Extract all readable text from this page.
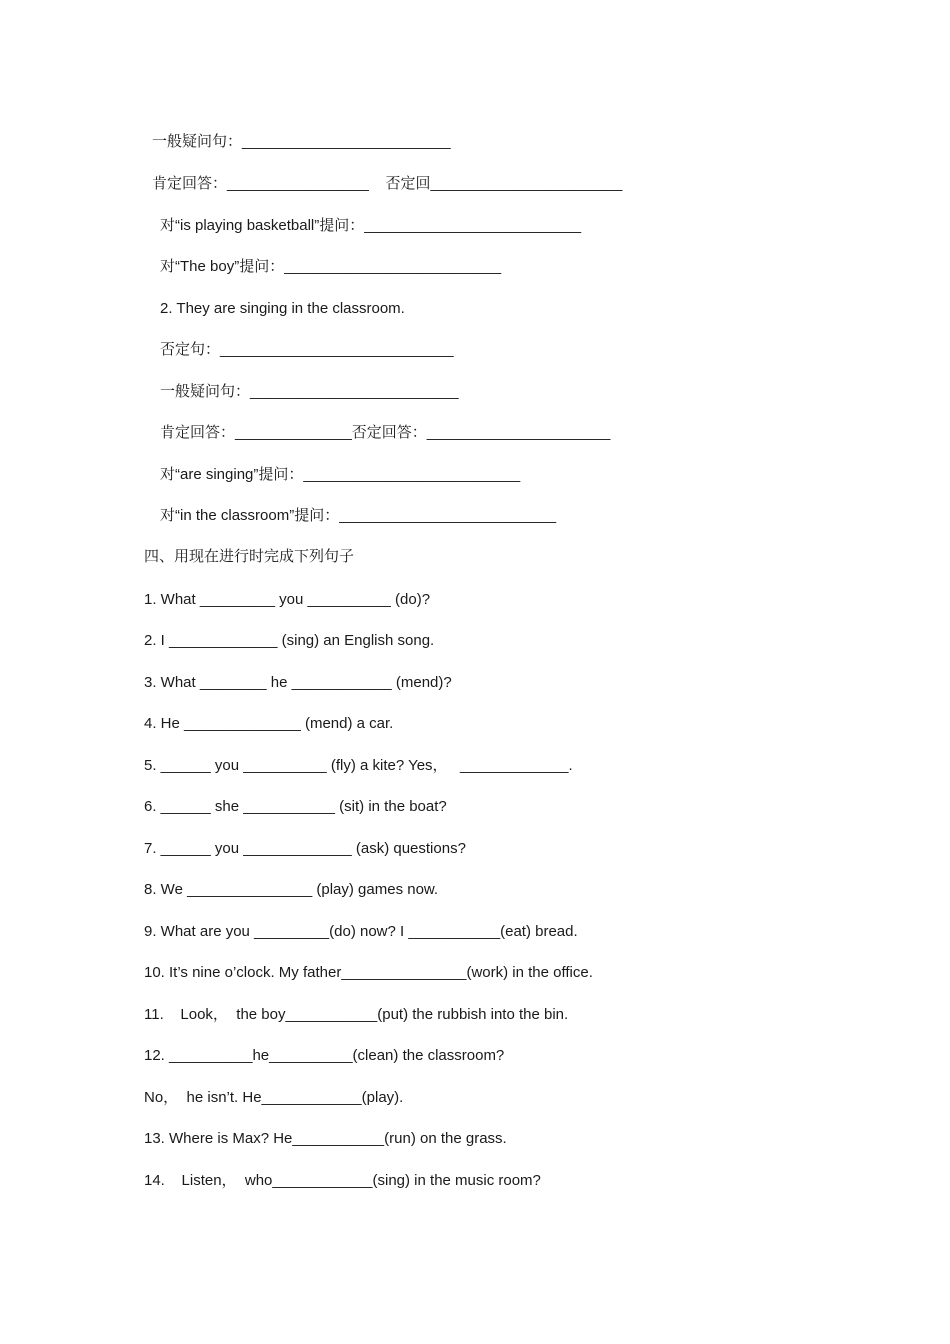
一般疑问句：_________________________
肯定回答：_________________    否定回_______________________
对“is playing basketball”提问：__________________________
对“The boy”提问：__________________________
2. They are singing in the classroom.
否定句：____________________________
一般疑问句：_________________________
肯定回答：______________否定回答：______________________
对“are singing”提问：__________________________
对“in the classroom”提问：__________________________
四、用现在进行时完成下列句子
1. What _________ you __________ (do)?
2. I _____________ (sing) an English song.
3. What ________ he ____________ (mend)?
4. He ______________ (mend) a car.
5. ______ you __________ (fly) a kite? Yes，   _____________.
6. ______ she ___________ (sit) in the boat?
7. ______ you _____________ (ask) questions?
8. We _______________ (play) games now.
9. What are you _________(do) now? I ___________(eat) bread.
10. It’s nine o’clock. My father_______________(work) in the office.
11.    Look，  the boy___________(put) the rubbish into the bin.
12. __________he__________(clean) the classroom?
No，  he isn’t. He____________(play).
13. Where is Max? He___________(run) on the grass.
14.    Listen，  who____________(sing) in the music room?
